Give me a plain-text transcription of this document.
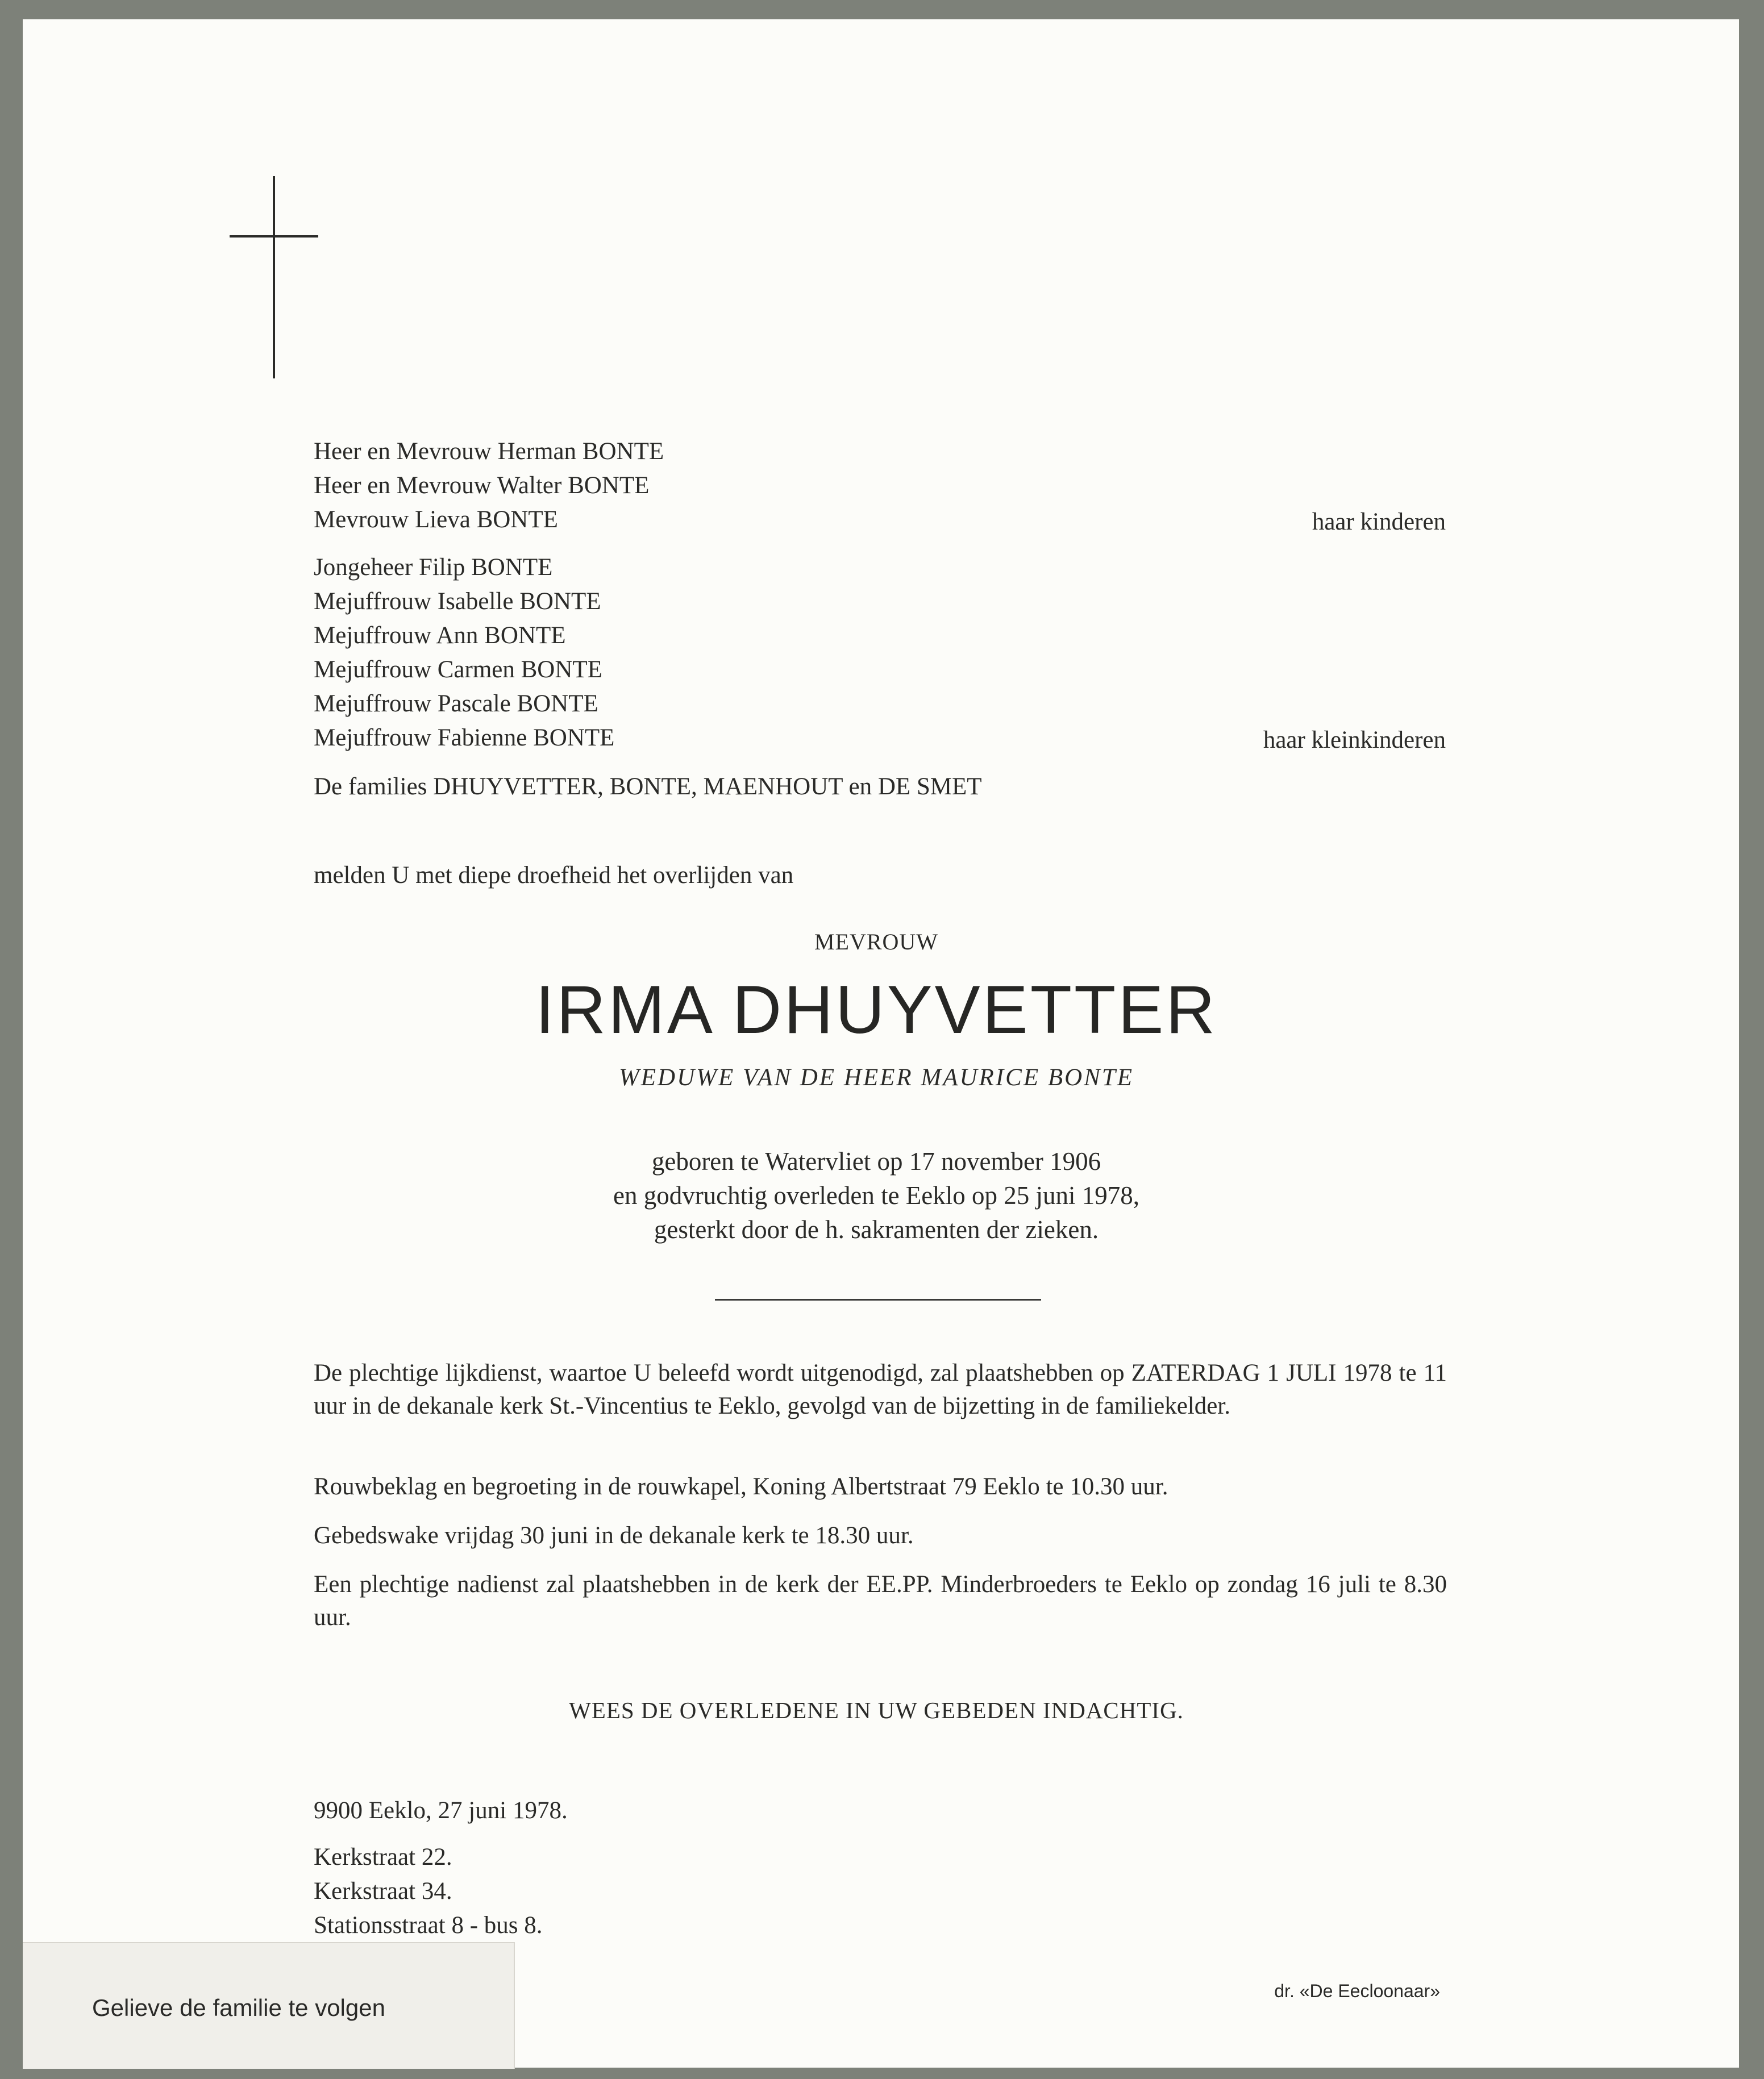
Heer en Mevrouw Herman BONTE
Heer en Mevrouw Walter BONTE
Mevrouw Lieva BONTE	haar kinderen
Jongeheer Filip BONTE
Mejuffrouw Isabelle BONTE
Mejuffrouw Ann BONTE
Mejuffrouw Carmen BONTE
Mejuffrouw Pascale BONTE
Mejuffrouw Fabienne BONTE	haar kleinkinderen
De families DHUYVETTER, BONTE, MAENHOUT en DE SMET
melden U met diepe droefheid het overlijden van
MEVROUW
IRMA DHUYVETTER
WEDUWE VAN DE HEER MAURICE BONTE
geboren te Watervliet op 17 november 1906
en godvruchtig overleden te Eeklo op 25 juni 1978,
gesterkt door de h. sakramenten der zieken.
De plechtige lijkdienst, waartoe U beleefd wordt uitgenodigd, zal plaatshebben op ZATERDAG 1 JULI 1978 te 11 uur in de dekanale kerk St.-Vincentius te Eeklo, gevolgd van de bijzetting in de familiekelder.
Rouwbeklag en begroeting in de rouwkapel, Koning Albertstraat 79 Eeklo te 10.30 uur.
Gebedswake vrijdag 30 juni in de dekanale kerk te 18.30 uur.
Een plechtige nadienst zal plaatshebben in de kerk der EE.PP. Minderbroeders te Eeklo op zondag 16 juli te 8.30 uur.
WEES DE OVERLEDENE IN UW GEBEDEN INDACHTIG.
9900 Eeklo, 27 juni 1978.
Kerkstraat 22.
Kerkstraat 34.
Stationsstraat 8 - bus 8.
Gelieve de familie te volgen
dr. «De Eecloonaar»
